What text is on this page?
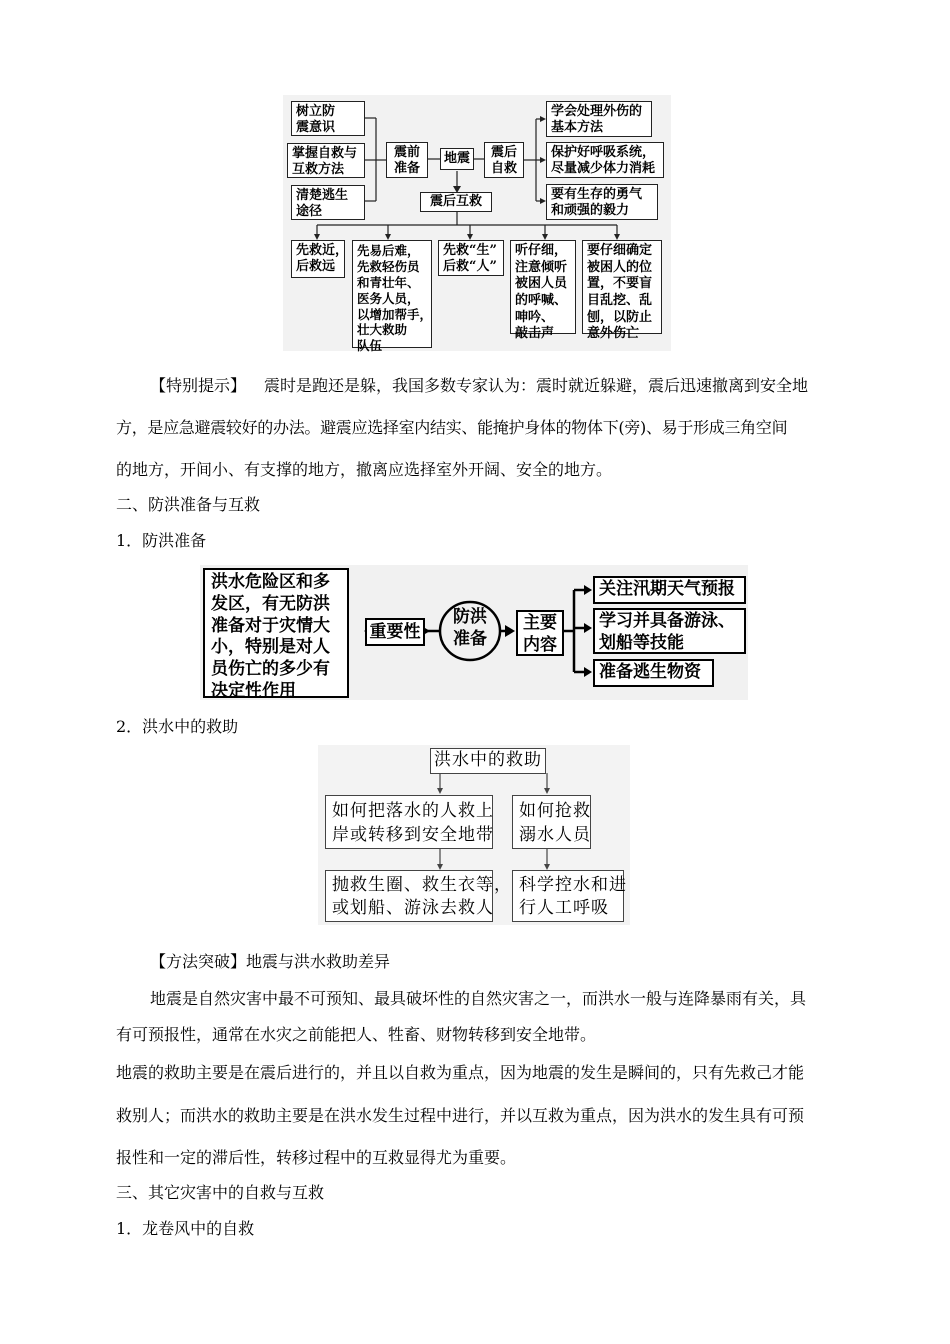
树立防
震意识
掌握自救与
互救方法
清楚逃生
途径
震前
准备
地震	震后
自救
震后互救
学会处理外伤的
基本方法
保护好呼吸系统，
尽量减少体力消耗
要有生存的勇气
和顽强的毅力
先救近，
后救远
先易后难，
先救轻伤员
和青壮年、
医务人员，
以增加帮手，
壮大救助
队伍
先救“生”
后救“人”
听仔细，
注意倾听
被困人员
的呼喊、
呻吟、
敲击声
要仔细确定
被困人的位
置，不要盲
目乱挖、乱
刨，以防止
意外伤亡
【特别提示】 震时是跑还是躲，我国多数专家认为：震时就近躲避，震后迅速撤离到安全地
方，是应急避震较好的办法。避震应选择室内结实、能掩护身体的物体下(旁)、易于形成三角空间
的地方，开间小、有支撑的地方，撤离应选择室外开阔、安全的地方。
二、防洪准备与互救
1．防洪准备
洪水危险区和多
发区，有无防洪
准备对于灾情大
小，特别是对人
员伤亡的多少有
决定性作用
重要性
防洪
准备
主要
内容
关注汛期天气预报
学习并具备游泳、
划船等技能
准备逃生物资
2．洪水中的救助
洪水中的救助
如何把落水的人救上
岸或转移到安全地带
如何抢救
溺水人员
抛救生圈、救生衣等，
或划船、游泳去救人
科学控水和进
行人工呼吸
【方法突破】地震与洪水救助差异
地震是自然灾害中最不可预知、最具破坏性的自然灾害之一，而洪水一般与连降暴雨有关，具
有可预报性，通常在水灾之前能把人、牲畜、财物转移到安全地带。
地震的救助主要是在震后进行的，并且以自救为重点，因为地震的发生是瞬间的，只有先救己才能
救别人；而洪水的救助主要是在洪水发生过程中进行，并以互救为重点，因为洪水的发生具有可预
报性和一定的滞后性，转移过程中的互救显得尤为重要。
三、其它灾害中的自救与互救
1．龙卷风中的自救
